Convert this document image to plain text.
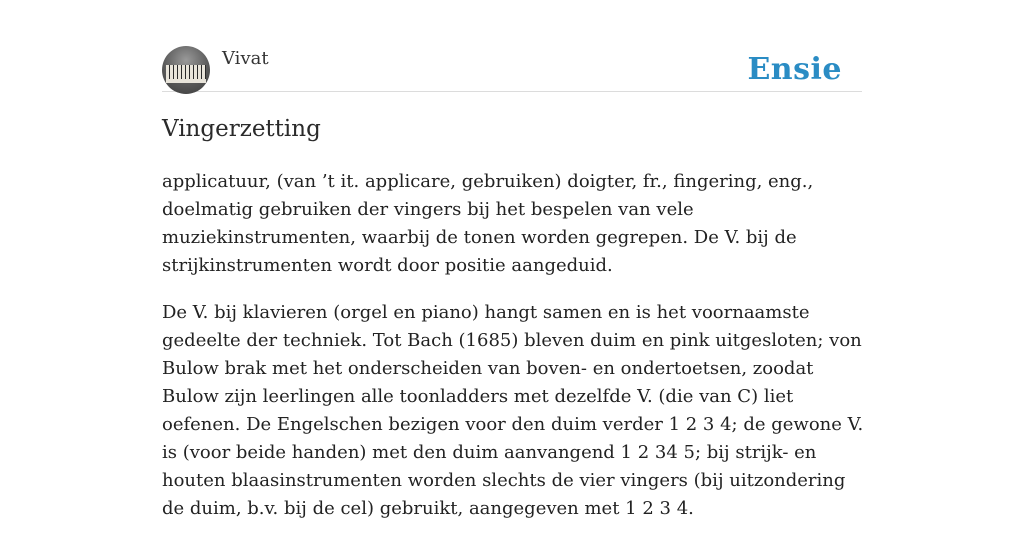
Vivat	Ensie
Vingerzetting

applicatuur, (van ’t it. applicare, gebruiken) doigter, fr., fingering, eng., doelmatig gebruiken der vingers bij het bespelen van vele muziekinstrumenten, waarbij de tonen worden gegrepen. De V. bij de strijkinstrumenten wordt door positie aangeduid.

De V. bij klavieren (orgel en piano) hangt samen en is het voornaamste gedeelte der techniek. Tot Bach (1685) bleven duim en pink uitgesloten; von Bulow brak met het onderscheiden van boven- en ondertoetsen, zoodat Bulow zijn leerlingen alle toonladders met dezelfde V. (die van C) liet oefenen. De Engelschen bezigen voor den duim verder 1 2 3 4; de gewone V. is (voor beide handen) met den duim aanvangend 1 2 34 5; bij strijk- en houten blaasinstrumenten worden slechts de vier vingers (bij uitzondering de duim, b.v. bij de cel) gebruikt, aangegeven met 1 2 3 4.
